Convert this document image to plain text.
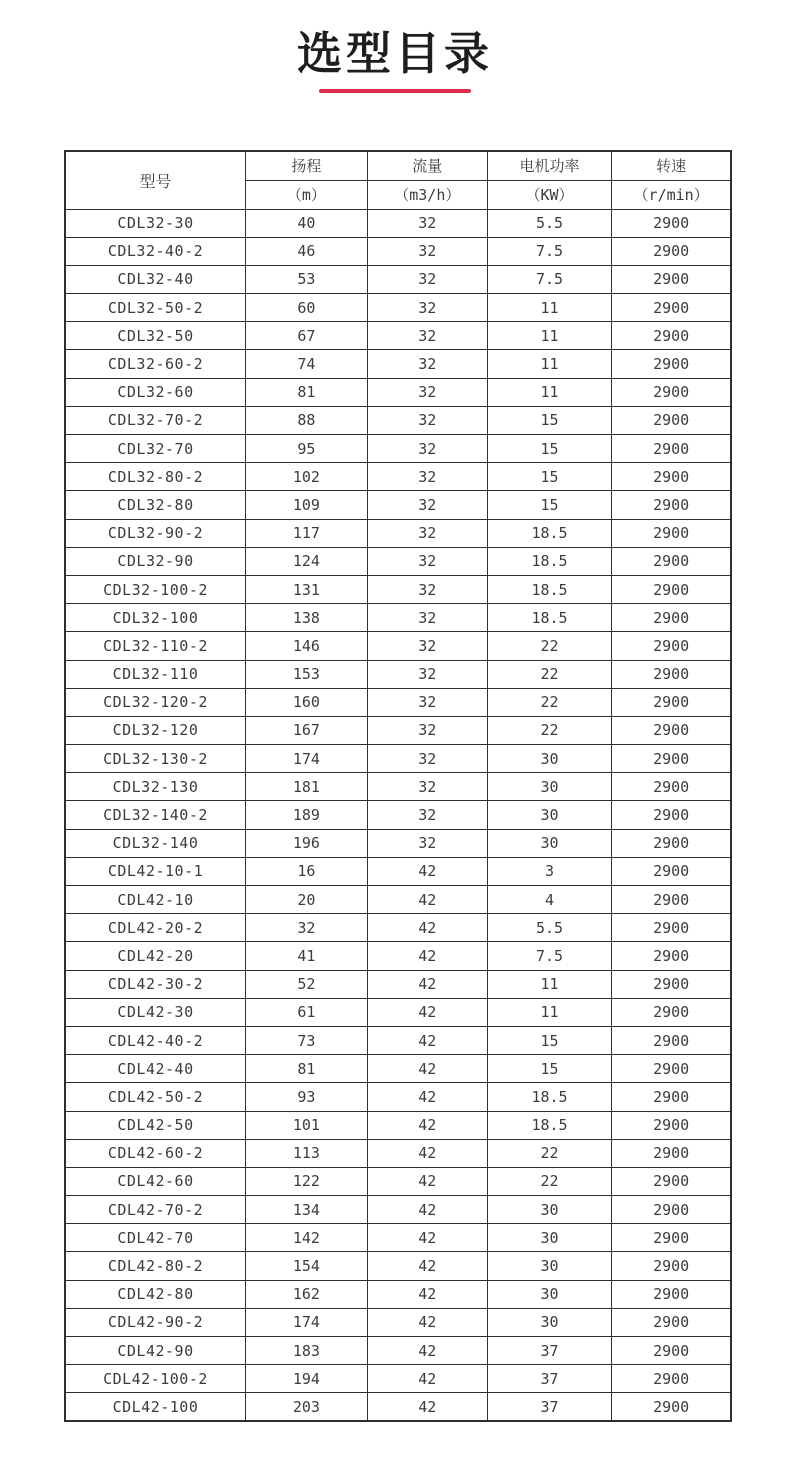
选型目录
型号	扬程	流量	电机功率	转速
	（m）	（m3/h）	（KW）	（r/min）
CDL32-30	40	32	5.5	2900
CDL32-40-2	46	32	7.5	2900
CDL32-40	53	32	7.5	2900
CDL32-50-2	60	32	11	2900
CDL32-50	67	32	11	2900
CDL32-60-2	74	32	11	2900
CDL32-60	81	32	11	2900
CDL32-70-2	88	32	15	2900
CDL32-70	95	32	15	2900
CDL32-80-2	102	32	15	2900
CDL32-80	109	32	15	2900
CDL32-90-2	117	32	18.5	2900
CDL32-90	124	32	18.5	2900
CDL32-100-2	131	32	18.5	2900
CDL32-100	138	32	18.5	2900
CDL32-110-2	146	32	22	2900
CDL32-110	153	32	22	2900
CDL32-120-2	160	32	22	2900
CDL32-120	167	32	22	2900
CDL32-130-2	174	32	30	2900
CDL32-130	181	32	30	2900
CDL32-140-2	189	32	30	2900
CDL32-140	196	32	30	2900
CDL42-10-1	16	42	3	2900
CDL42-10	20	42	4	2900
CDL42-20-2	32	42	5.5	2900
CDL42-20	41	42	7.5	2900
CDL42-30-2	52	42	11	2900
CDL42-30	61	42	11	2900
CDL42-40-2	73	42	15	2900
CDL42-40	81	42	15	2900
CDL42-50-2	93	42	18.5	2900
CDL42-50	101	42	18.5	2900
CDL42-60-2	113	42	22	2900
CDL42-60	122	42	22	2900
CDL42-70-2	134	42	30	2900
CDL42-70	142	42	30	2900
CDL42-80-2	154	42	30	2900
CDL42-80	162	42	30	2900
CDL42-90-2	174	42	30	2900
CDL42-90	183	42	37	2900
CDL42-100-2	194	42	37	2900
CDL42-100	203	42	37	2900
